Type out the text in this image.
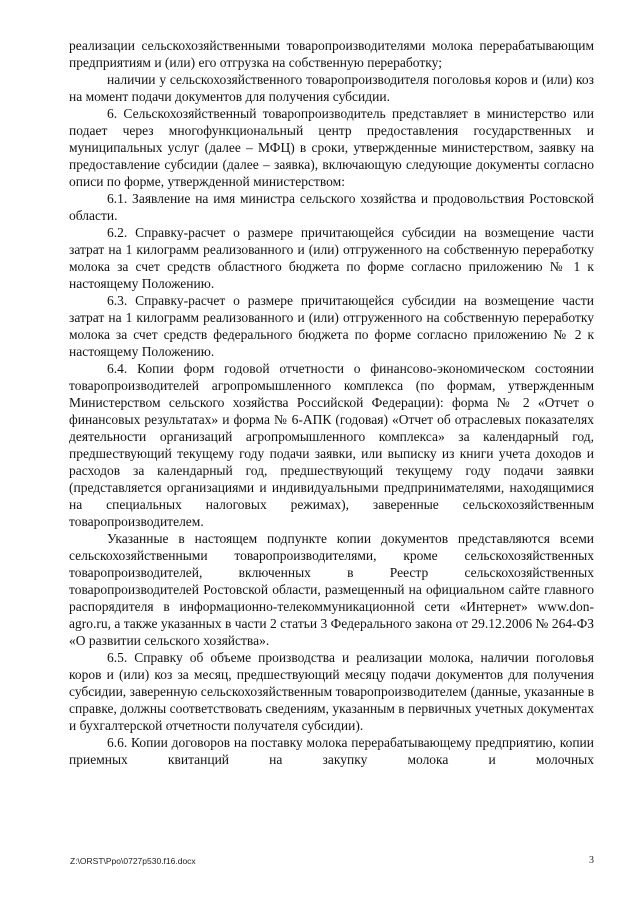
реализации сельскохозяйственными товаропроизводителями молока перерабатывающим предприятиям и (или) его отгрузка на собственную переработку;

наличии у сельскохозяйственного товаропроизводителя поголовья коров и (или) коз на момент подачи документов для получения субсидии.

6. Сельскохозяйственный товаропроизводитель представляет в министерство или подает через многофункциональный центр предоставления государственных и муниципальных услуг (далее – МФЦ) в сроки, утвержденные министерством, заявку на предоставление субсидии (далее – заявка), включающую следующие документы согласно описи по форме, утвержденной министерством:

6.1. Заявление на имя министра сельского хозяйства и продовольствия Ростовской области.

6.2. Справку-расчет о размере причитающейся субсидии на возмещение части затрат на 1 килограмм реализованного и (или) отгруженного на собственную переработку молока за счет средств областного бюджета по форме согласно приложению № 1 к настоящему Положению.

6.3. Справку-расчет о размере причитающейся субсидии на возмещение части затрат на 1 килограмм реализованного и (или) отгруженного на собственную переработку молока за счет средств федерального бюджета по форме согласно приложению № 2 к настоящему Положению.

6.4. Копии форм годовой отчетности о финансово-экономическом состоянии товаропроизводителей агропромышленного комплекса (по формам, утвержденным Министерством сельского хозяйства Российской Федерации): форма № 2 «Отчет о финансовых результатах» и форма № 6-АПК (годовая) «Отчет об отраслевых показателях деятельности организаций агропромышленного комплекса» за календарный год, предшествующий текущему году подачи заявки, или выписку из книги учета доходов и расходов за календарный год, предшествующий текущему году подачи заявки (представляется организациями и индивидуальными предпринимателями, находящимися на специальных налоговых режимах), заверенные сельскохозяйственным товаропроизводителем.

Указанные в настоящем подпункте копии документов представляются всеми сельскохозяйственными товаропроизводителями, кроме сельскохозяйственных товаропроизводителей, включенных в Реестр сельскохозяйственных товаропроизводителей Ростовской области, размещенный на официальном сайте главного распорядителя в информационно-телекоммуникационной сети «Интернет» www.don-agro.ru, а также указанных в части 2 статьи 3 Федерального закона от 29.12.2006 № 264-ФЗ «О развитии сельского хозяйства».

6.5. Справку об объеме производства и реализации молока, наличии поголовья коров и (или) коз за месяц, предшествующий месяцу подачи документов для получения субсидии, заверенную сельскохозяйственным товаропроизводителем (данные, указанные в справке, должны соответствовать сведениям, указанным в первичных учетных документах и бухгалтерской отчетности получателя субсидии).

6.6. Копии договоров на поставку молока перерабатывающему предприятию, копии приемных квитанций на закупку молока и молочных

Z:\ORST\Ppo\0727p530.f16.docx	3
